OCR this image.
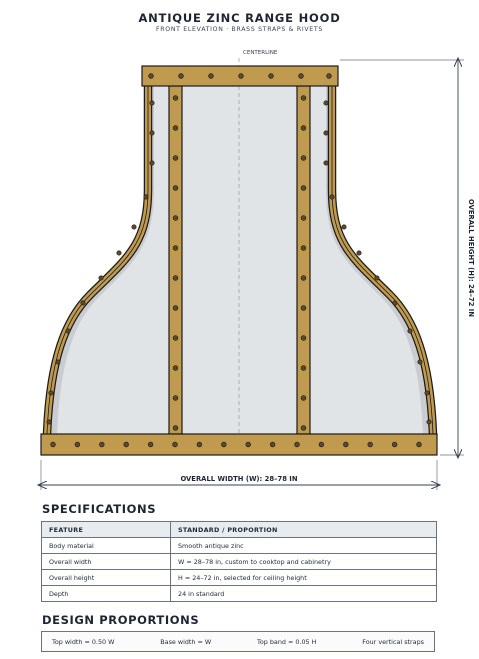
ANTIQUE ZINC RANGE HOOD
FRONT ELEVATION · BRASS STRAPS & RIVETS
CENTERLINE
OVERALL WIDTH (W): 28–78 IN
OVERALL HEIGHT (H): 24–72 IN
SPECIFICATIONS
FEATURE	STANDARD / PROPORTION
Body material	Smooth antique zinc
Overall width	W = 28–78 in, custom to cooktop and cabinetry
Overall height	H = 24–72 in, selected for ceiling height
Depth	24 in standard
DESIGN PROPORTIONS
Top width = 0.50 W	Base width = W	Top band = 0.05 H	Four vertical straps
